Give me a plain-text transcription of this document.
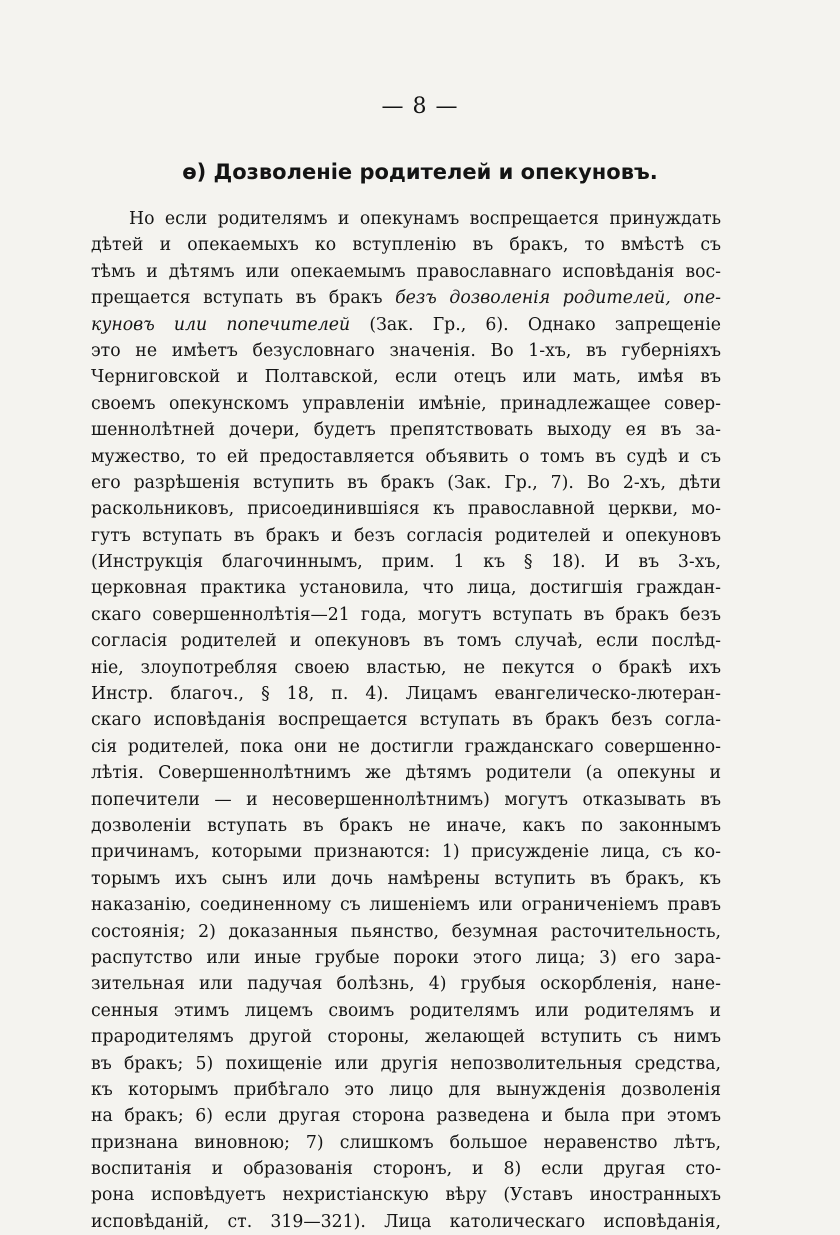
— 8 —
ѳ) Дозволеніе родителей и опекуновъ.
Но если родителямъ и опекунамъ воспрещается принуждать
дѣтей и опекаемыхъ ко вступленію въ бракъ, то вмѣстѣ съ
тѣмъ и дѣтямъ или опекаемымъ православнаго исповѣданія вос-
прещается вступать въ бракъ безъ дозволенія родителей, опе-
куновъ или попечителей (Зак. Гр., 6). Однако запрещеніе
это не имѣетъ безусловнаго значенія. Во 1-хъ, въ губерніяхъ
Черниговской и Полтавской, если отецъ или мать, имѣя въ
своемъ опекунскомъ управленіи имѣніе, принадлежащее совер-
шеннолѣтней дочери, будетъ препятствовать выходу ея въ за-
мужество, то ей предоставляется объявить о томъ въ судѣ и съ
его разрѣшенія вступить въ бракъ (Зак. Гр., 7). Во 2-хъ, дѣти
раскольниковъ, присоединившіяся къ православной церкви, мо-
гутъ вступать въ бракъ и безъ согласія родителей и опекуновъ
(Инструкція благочиннымъ, прим. 1 къ § 18). И въ 3-хъ,
церковная практика установила, что лица, достигшія граждан-
скаго совершеннолѣтія—21 года, могутъ вступать въ бракъ безъ
согласія родителей и опекуновъ въ томъ случаѣ, если послѣд-
ніе, злоупотребляя своею властью, не пекутся о бракѣ ихъ
Инстр. благоч., § 18, п. 4). Лицамъ евангелическо-лютеран-
скаго исповѣданія воспрещается вступать въ бракъ безъ согла-
сія родителей, пока они не достигли гражданскаго совершенно-
лѣтія. Совершеннолѣтнимъ же дѣтямъ родители (а опекуны и
попечители — и несовершеннолѣтнимъ) могутъ отказывать въ
дозволеніи вступать въ бракъ не иначе, какъ по законнымъ
причинамъ, которыми признаются: 1) присужденіе лица, съ ко-
торымъ ихъ сынъ или дочь намѣрены вступить въ бракъ, къ
наказанію, соединенному съ лишеніемъ или ограниченіемъ правъ
состоянія; 2) доказанныя пьянство, безумная расточительность,
распутство или иные грубые пороки этого лица; 3) его зара-
зительная или падучая болѣзнь, 4) грубыя оскорбленія, нане-
сенныя этимъ лицемъ своимъ родителямъ или родителямъ и
прародителямъ другой стороны, желающей вступить съ нимъ
въ бракъ; 5) похищеніе или другія непозволительныя средства,
къ которымъ прибѣгало это лицо для вынужденія дозволенія
на бракъ; 6) если другая сторона разведена и была при этомъ
признана виновною; 7) слишкомъ большое неравенство лѣтъ,
воспитанія и образованія сторонъ, и 8) если другая сто-
рона исповѣдуетъ нехристіанскую вѣру (Уставъ иностранныхъ
исповѣданій, ст. 319—321). Лица католическаго исповѣданія,
